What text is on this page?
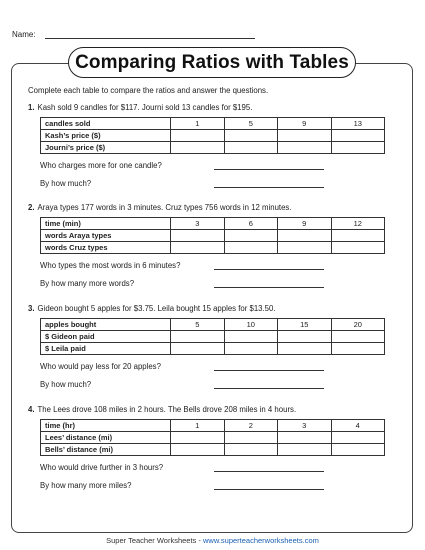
Name:
Comparing Ratios with Tables
Complete each table to compare the ratios and answer the questions.
1. Kash sold 9 candles for $117. Journi sold 13 candles for $195.
candles sold	1	5	9	13
Kash’s price ($)				
Journi’s price ($)				
Who charges more for one candle?
By how much?
2. Araya types 177 words in 3 minutes. Cruz types 756 words in 12 minutes.
time (min)	3	6	9	12
words Araya types				
words Cruz types				
Who types the most words in 6 minutes?
By how many more words?
3. Gideon bought 5 apples for $3.75. Leila bought 15 apples for $13.50.
apples bought	5	10	15	20
$ Gideon paid				
$ Leila paid				
Who would pay less for 20 apples?
By how much?
4. The Lees drove 108 miles in 2 hours. The Bells drove 208 miles in 4 hours.
time (hr)	1	2	3	4
Lees’ distance (mi)				
Bells’ distance (mi)				
Who would drive further in 3 hours?
By how many more miles?
Super Teacher Worksheets - www.superteacherworksheets.com
